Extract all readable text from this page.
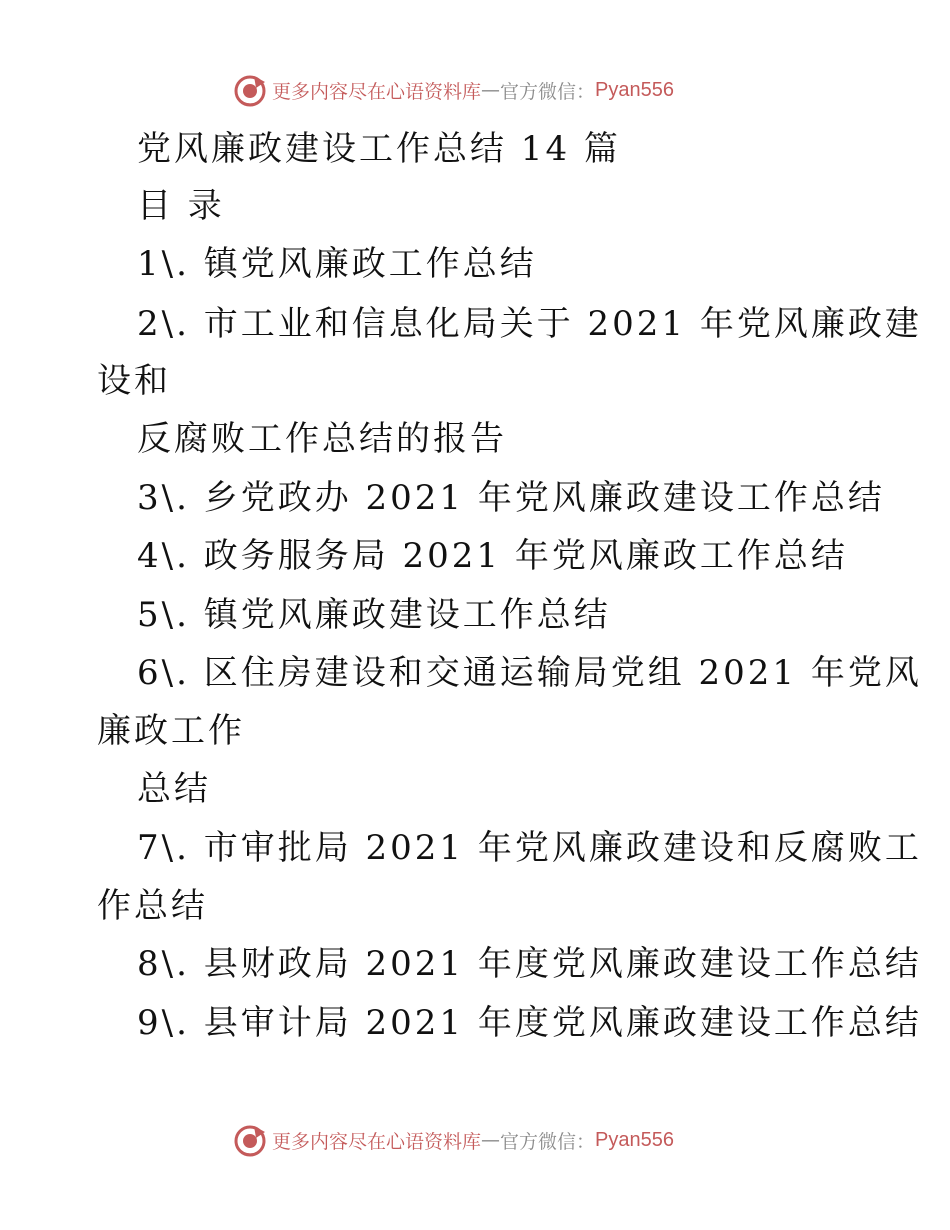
更多内容尽在心语资料库 — 官方微信： Pyan556
党风廉政建设工作总结 14 篇
目 录
1\. 镇党风廉政工作总结
2\. 市工业和信息化局关于 2021 年党风廉政建
设和
反腐败工作总结的报告
3\. 乡党政办 2021 年党风廉政建设工作总结
4\. 政务服务局 2021 年党风廉政工作总结
5\. 镇党风廉政建设工作总结
6\. 区住房建设和交通运输局党组 2021 年党风
廉政工作
总结
7\. 市审批局 2021 年党风廉政建设和反腐败工
作总结
8\. 县财政局 2021 年度党风廉政建设工作总结
9\. 县审计局 2021 年度党风廉政建设工作总结
更多内容尽在心语资料库 — 官方微信： Pyan556
